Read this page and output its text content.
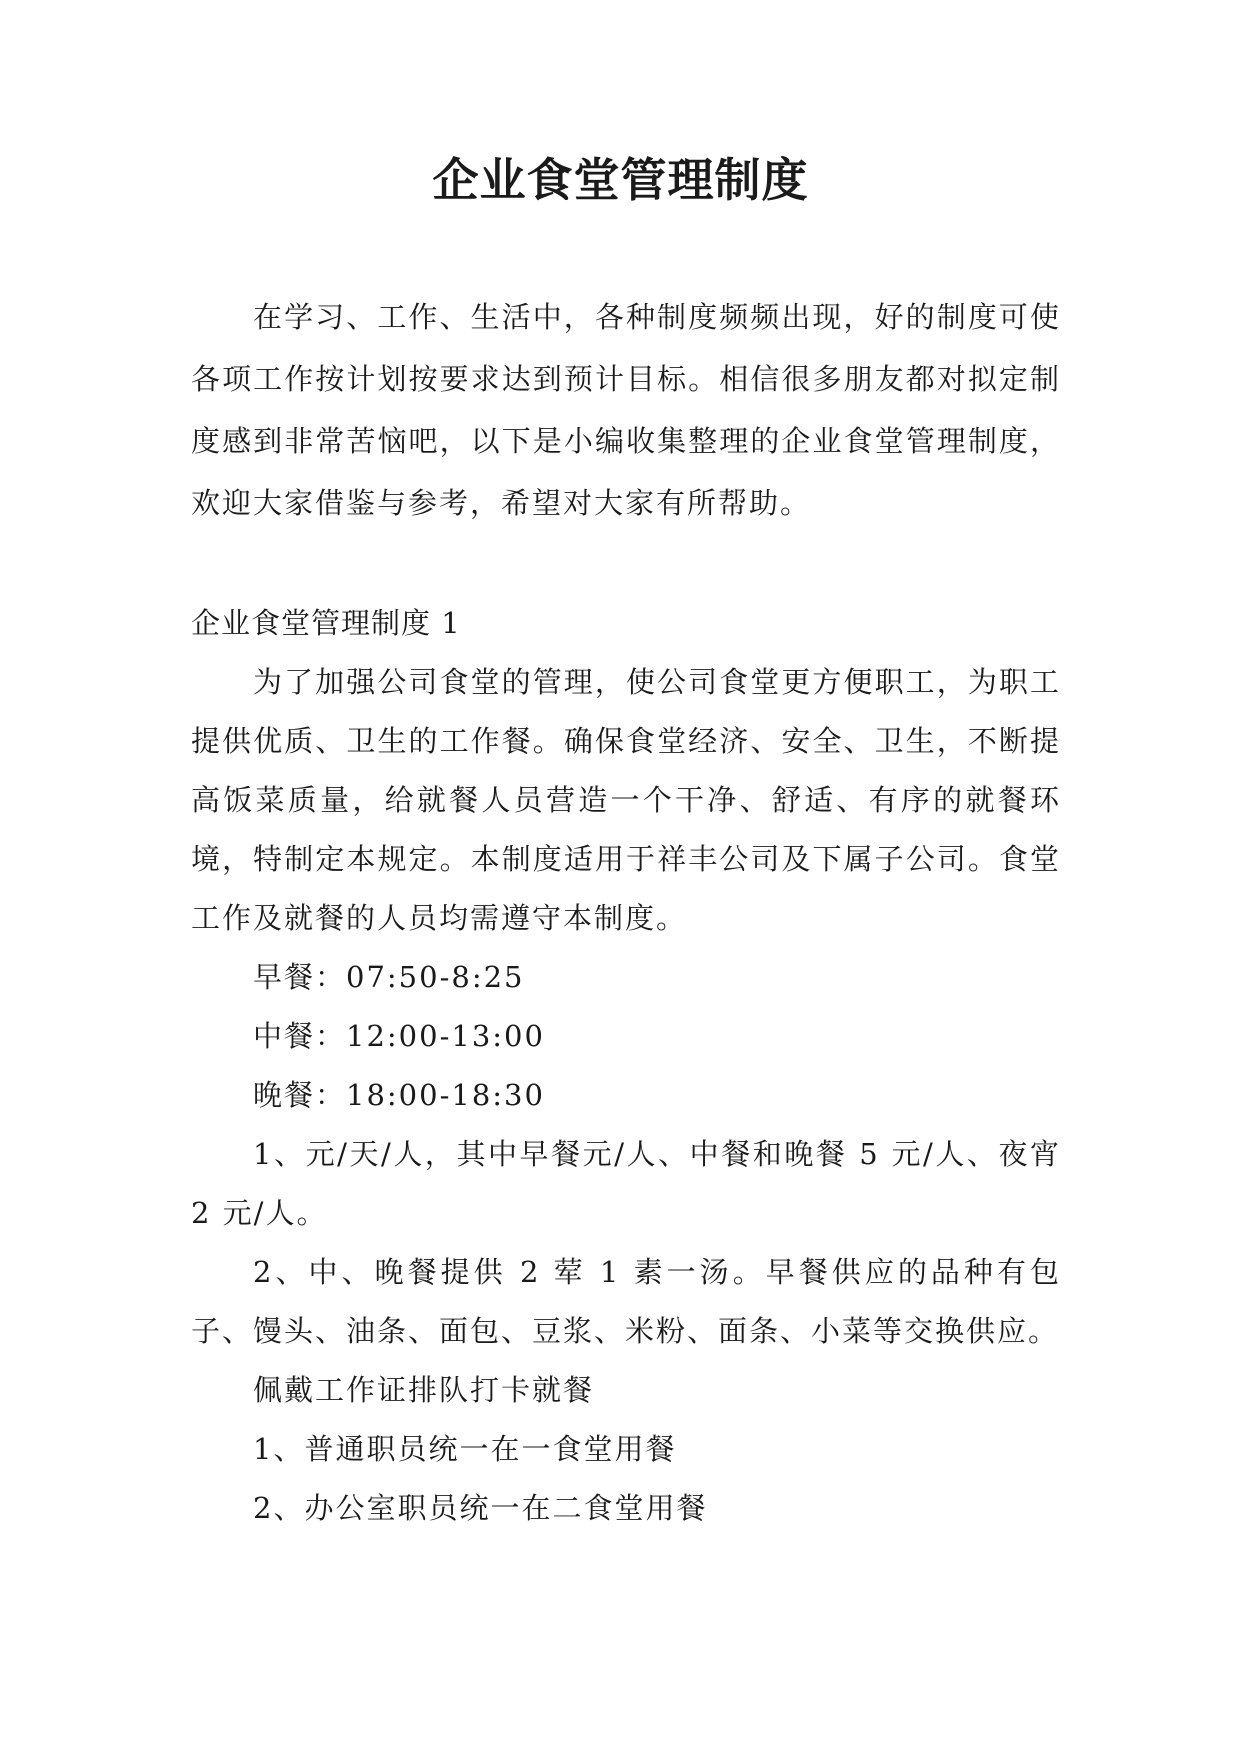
企业食堂管理制度

在学习、工作、生活中，各种制度频频出现，好的制度可使各项工作按计划按要求达到预计目标。相信很多朋友都对拟定制度感到非常苦恼吧，以下是小编收集整理的企业食堂管理制度，欢迎大家借鉴与参考，希望对大家有所帮助。

企业食堂管理制度 1

为了加强公司食堂的管理，使公司食堂更方便职工，为职工提供优质、卫生的工作餐。确保食堂经济、安全、卫生，不断提高饭菜质量，给就餐人员营造一个干净、舒适、有序的就餐环境，特制定本规定。本制度适用于祥丰公司及下属子公司。食堂工作及就餐的人员均需遵守本制度。

早餐：07:50-8:25

中餐：12:00-13:00

晚餐：18:00-18:30

1、元/天/人，其中早餐元/人、中餐和晚餐 5 元/人、夜宵 2 元/人。

2、中、晚餐提供 2 荤 1 素一汤。早餐供应的品种有包子、馒头、油条、面包、豆浆、米粉、面条、小菜等交换供应。

佩戴工作证排队打卡就餐

1、普通职员统一在一食堂用餐

2、办公室职员统一在二食堂用餐
